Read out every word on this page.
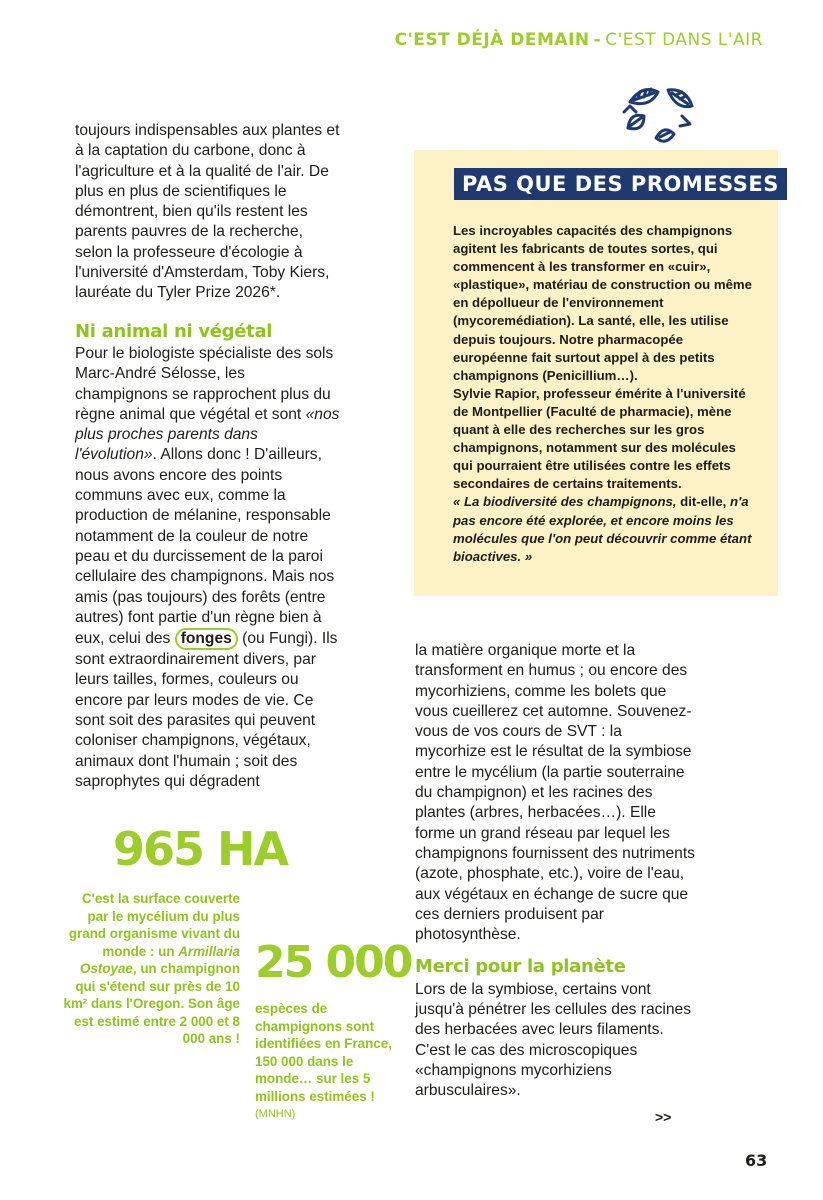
C'EST DÉJÀ DEMAIN - C'EST DANS L'AIR

toujours indispensables aux plantes et à la captation du carbone, donc à l'agriculture et à la qualité de l'air. De plus en plus de scientifiques le démontrent, bien qu'ils restent les parents pauvres de la recherche, selon la professeure d'écologie à l'université d'Amsterdam, Toby Kiers, lauréate du Tyler Prize 2026*.

Ni animal ni végétal

Pour le biologiste spécialiste des sols Marc-André Sélosse, les champignons se rapprochent plus du règne animal que végétal et sont «nos plus proches parents dans l'évolution». Allons donc ! D'ailleurs, nous avons encore des points communs avec eux, comme la production de mélanine, responsable notamment de la couleur de notre peau et du durcissement de la paroi cellulaire des champignons. Mais nos amis (pas toujours) des forêts (entre autres) font partie d'un règne bien à eux, celui des fonges (ou Fungi). Ils sont extraordinairement divers, par leurs tailles, formes, couleurs ou encore par leurs modes de vie. Ce sont soit des parasites qui peuvent coloniser champignons, végétaux, animaux dont l'humain ; soit des saprophytes qui dégradent

PAS QUE DES PROMESSES

Les incroyables capacités des champignons agitent les fabricants de toutes sortes, qui commencent à les transformer en «cuir», «plastique», matériau de construction ou même en dépollueur de l'environnement (mycoremédiation). La santé, elle, les utilise depuis toujours. Notre pharmacopée européenne fait surtout appel à des petits champignons (Penicillium…).

Sylvie Rapior, professeur émérite à l'université de Montpellier (Faculté de pharmacie), mène quant à elle des recherches sur les gros champignons, notamment sur des molécules qui pourraient être utilisées contre les effets secondaires de certains traitements.

« La biodiversité des champignons, dit-elle, n'a pas encore été explorée, et encore moins les molécules que l'on peut découvrir comme étant bioactives. »

la matière organique morte et la transforment en humus ; ou encore des mycorhiziens, comme les bolets que vous cueillerez cet automne. Souvenez-vous de vos cours de SVT : la mycorhize est le résultat de la symbiose entre le mycélium (la partie souterraine du champignon) et les racines des plantes (arbres, herbacées…). Elle forme un grand réseau par lequel les champignons fournissent des nutriments (azote, phosphate, etc.), voire de l'eau, aux végétaux en échange de sucre que ces derniers produisent par photosynthèse.

Merci pour la planète

Lors de la symbiose, certains vont jusqu'à pénétrer les cellules des racines des herbacées avec leurs filaments. C'est le cas des microscopiques «champignons mycorhiziens arbusculaires».

>>
965 HA
C'est la surface couverte par le mycélium du plus grand organisme vivant du monde : un Armillaria Ostoyae, un champignon qui s'étend sur près de 10 km² dans l'Oregon. Son âge est estimé entre 2 000 et 8 000 ans !
25 000
espèces de champignons sont identifiées en France, 150 000 dans le monde… sur les 5 millions estimées !
(MNHN)
63
